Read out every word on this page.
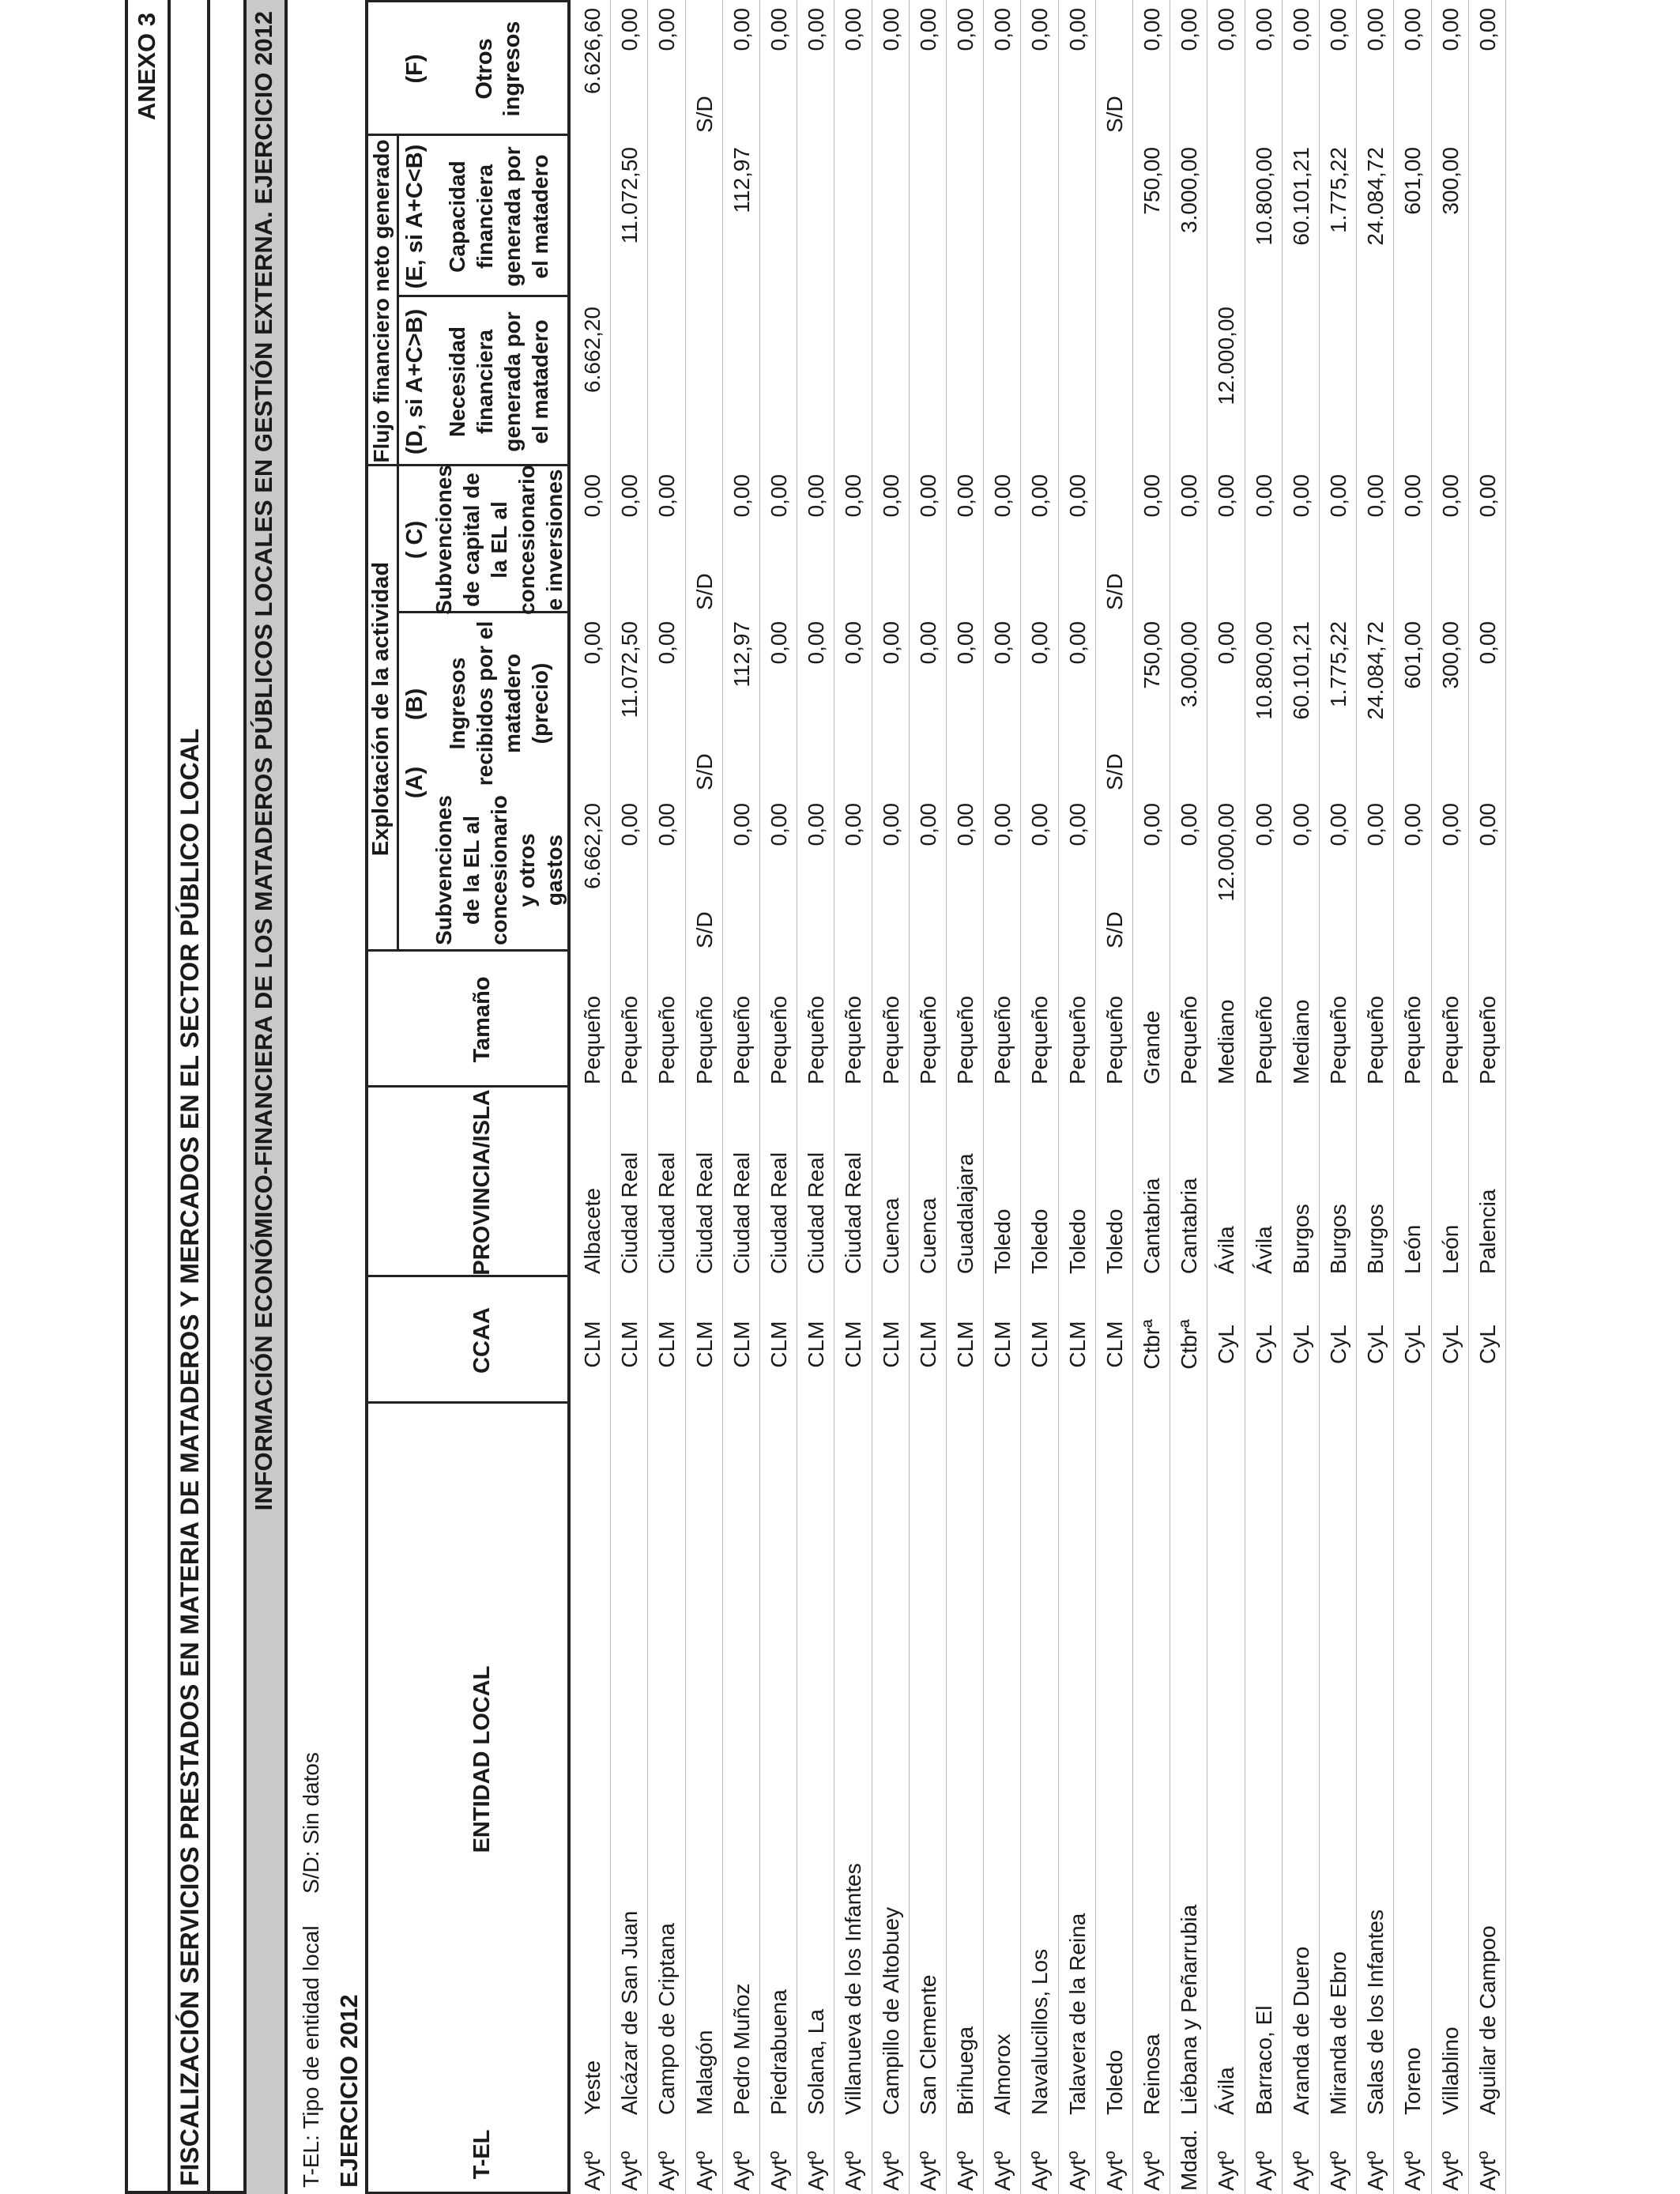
ANEXO 3
FISCALIZACIÓN SERVICIOS PRESTADOS EN MATERIA DE MATADEROS Y MERCADOS EN EL SECTOR PÚBLICO LOCAL INFORMACIÓN ECONÓMICO-FINANCIERA DE LOS MATADEROS PÚBLICOS LOCALES EN GESTIÓN EXTERNA. EJERCICIO 2012
T-EL: Tipo de entidad local
S/D: Sin datos
EJERCICIO 2012	T-EL
ENTIDAD LOCAL
CCAA
PROVINCIA/ISLA
Tamaño
Explotación de la actividad
Flujo financiero neto generado
(A)
Subvenciones de la EL al concesionario y otros gastos
(B) Ingresos recibidos por el matadero (precio)
( C) Subvenciones de capital de la EL al concesionario e inversiones
(D, si A+C>B) Necesidad financiera generada por el matadero
(E, si A+C<B) Capacidad financiera generada por el matadero
(F)	Otros ingresos
Aytº
Yeste
CLM
Albacete
Pequeño
6.662,20
0,00
0,00
6.662,20
6.626,60
Aytº
Alcázar de San Juan
CLM
Ciudad Real
Pequeño
0,00
11.072,50
0,00
11.072,50
0,00
Aytº
Campo de Criptana
CLM
Ciudad Real
Pequeño
0,00
0,00
0,00
0,00
Aytº
Malagón
CLM
Ciudad Real
Pequeño
S/D
S/D
S/D
S/D
Aytº
Pedro Muñoz
CLM
Ciudad Real
Pequeño
0,00
112,97
0,00
112,97
0,00
Aytº
Piedrabuena
CLM
Ciudad Real
Pequeño
0,00
0,00
0,00
0,00
Aytº
Solana, La
CLM
Ciudad Real
Pequeño
0,00
0,00
0,00
0,00
Aytº
Villanueva de los Infantes
CLM
Ciudad Real
Pequeño
0,00
0,00
0,00
0,00
Aytº
Campillo de Altobuey
CLM
Cuenca
Pequeño
0,00
0,00
0,00
0,00
Aytº
San Clemente
CLM
Cuenca
Pequeño
0,00
0,00
0,00
0,00
Aytº
Brihuega
CLM
Guadalajara
Pequeño
0,00
0,00
0,00
0,00
Aytº
Almorox
CLM
Toledo
Pequeño
0,00
0,00
0,00
0,00
Aytº
Navalucillos, Los
CLM
Toledo
Pequeño
0,00
0,00
0,00
0,00
Aytº
Talavera de la Reina
CLM
Toledo
Pequeño
0,00
0,00
0,00
0,00
Aytº
Toledo
CLM
Toledo
Pequeño
S/D
S/D
S/D
S/D
Aytº
Reinosa
Ctbrª
Cantabria
Grande
0,00
750,00
0,00
750,00
0,00
Mdad.
Liébana y Peñarrubia
Ctbrª
Cantabria
Pequeño
0,00
3.000,00
0,00
3.000,00
0,00
Aytº
Ávila
CyL
Ávila
Mediano
12.000,00
0,00
0,00
12.000,00
0,00
Aytº
Barraco, El
CyL
Ávila
Pequeño
0,00
10.800,00
0,00
10.800,00
0,00
Aytº
Aranda de Duero
CyL
Burgos
Mediano
0,00
60.101,21
0,00
60.101,21
0,00
Aytº
Miranda de Ebro
CyL
Burgos
Pequeño
0,00
1.775,22
0,00
1.775,22
0,00
Aytº
Salas de los Infantes
CyL
Burgos
Pequeño
0,00
24.084,72
0,00
24.084,72
0,00
Aytº
Toreno
CyL
León
Pequeño
0,00
601,00
0,00
601,00
0,00
Aytº
Villablino
CyL
León
Pequeño
0,00
300,00
0,00
300,00
0,00
Aytº
Aguilar de Campoo
CyL
Palencia
Pequeño
0,00
0,00
0,00
0,00
